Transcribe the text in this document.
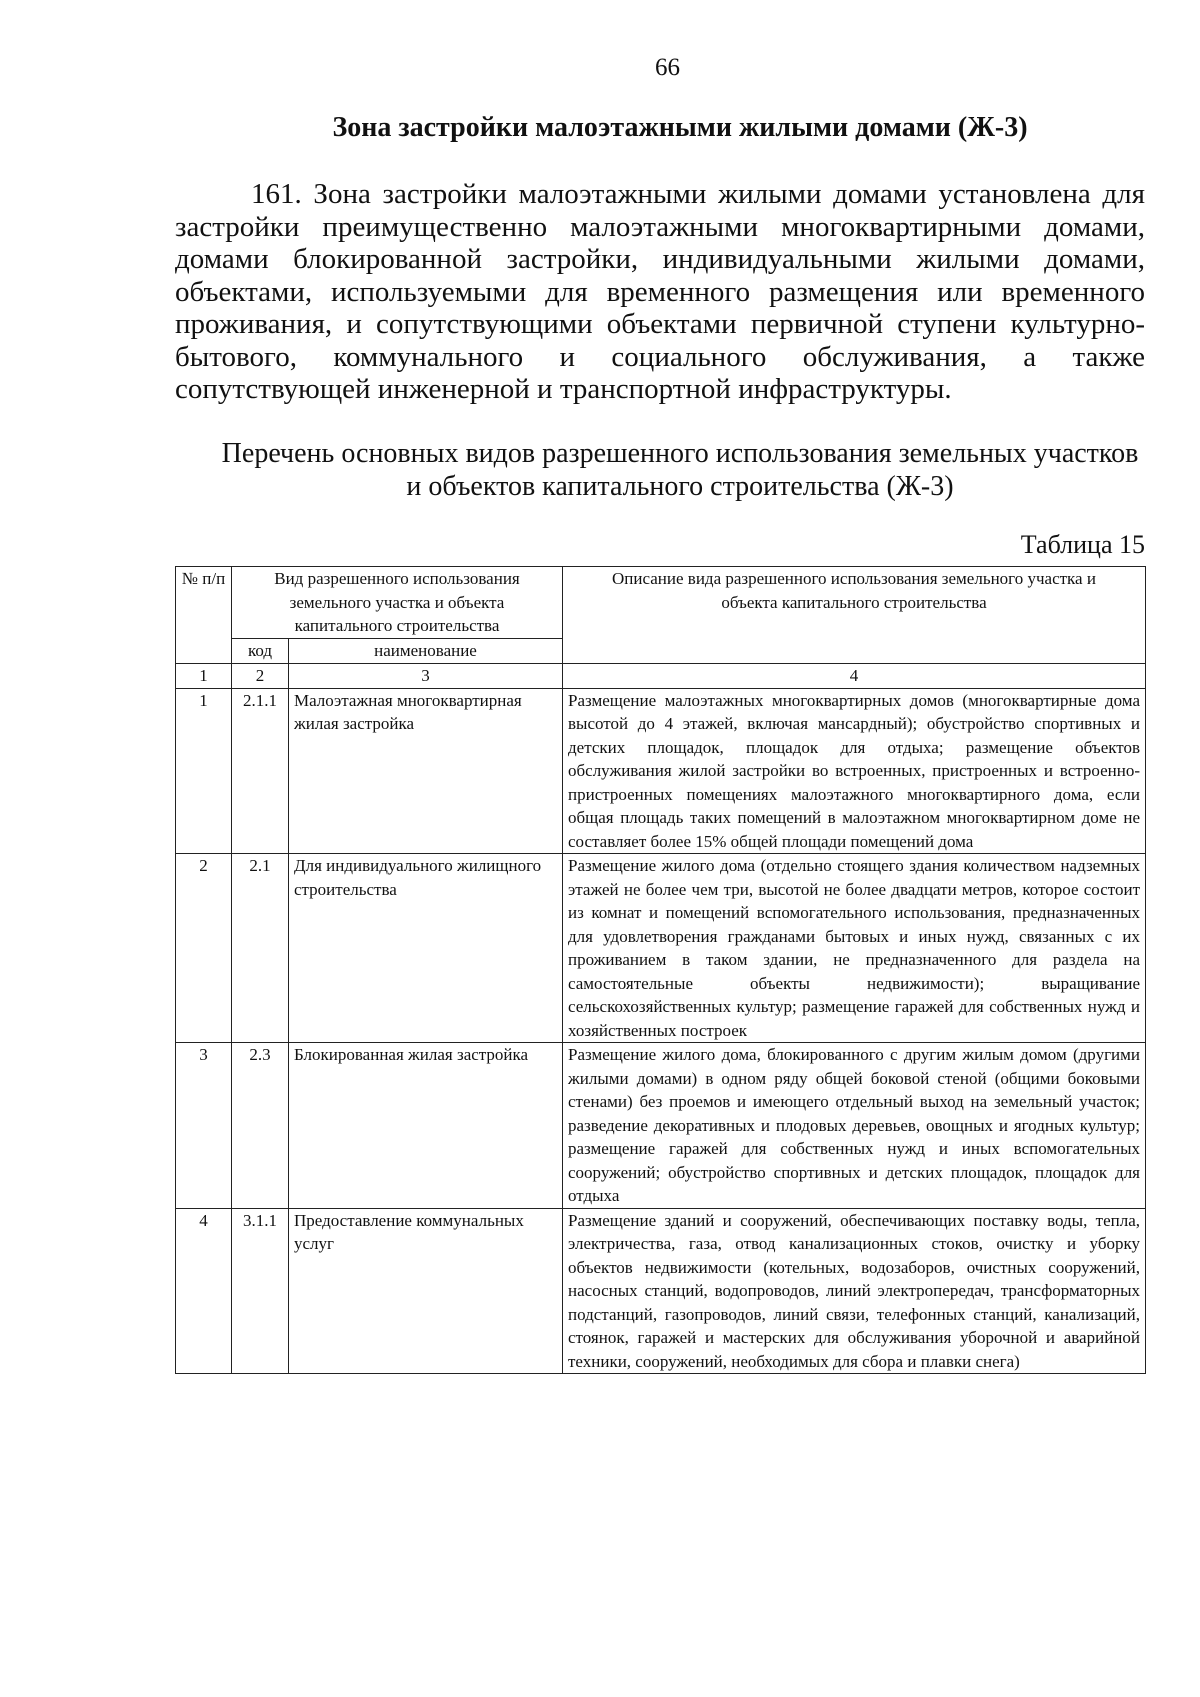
66
Зона застройки малоэтажными жилыми домами (Ж-3)

161. Зона застройки малоэтажными жилыми домами установлена для застройки преимущественно малоэтажными многоквартирными домами, домами блокированной застройки, индивидуальными жилыми домами, объектами, используемыми для временного размещения или временного проживания, и сопутствующими объектами первичной ступени культурно-бытового, коммунального и социального обслуживания, а также сопутствующей инженерной и транспортной инфраструктуры.

Перечень основных видов разрешенного использования земельных участков
и объектов капитального строительства (Ж-3)
Таблица 15
№ п/п	Вид разрешенного использования земельного участка и объекта капитального строительства		Описание вида разрешенного использования земельного участка и объекта капитального строительства
	код	наименование	
1	2	3	4
1	2.1.1	Малоэтажная многоквартирная жилая застройка	Размещение малоэтажных многоквартирных домов (многоквартирные дома высотой до 4 этажей, включая мансардный); обустройство спортивных и детских площадок, площадок для отдыха; размещение объектов обслуживания жилой застройки во встроенных, пристроенных и встроенно-пристроенных помещениях малоэтажного многоквартирного дома, если общая площадь таких помещений в малоэтажном многоквартирном доме не составляет более 15% общей площади помещений дома
2	2.1	Для индивидуального жилищного строительства	Размещение жилого дома (отдельно стоящего здания количеством надземных этажей не более чем три, высотой не более двадцати метров, которое состоит из комнат и помещений вспомогательного использования, предназначенных для удовлетворения гражданами бытовых и иных нужд, связанных с их проживанием в таком здании, не предназначенного для раздела на самостоятельные объекты недвижимости); выращивание сельскохозяйственных культур; размещение гаражей для собственных нужд и хозяйственных построек
3	2.3	Блокированная жилая застройка	Размещение жилого дома, блокированного с другим жилым домом (другими жилыми домами) в одном ряду общей боковой стеной (общими боковыми стенами) без проемов и имеющего отдельный выход на земельный участок; разведение декоративных и плодовых деревьев, овощных и ягодных культур; размещение гаражей для собственных нужд и иных вспомогательных сооружений; обустройство спортивных и детских площадок, площадок для отдыха
4	3.1.1	Предоставление коммунальных услуг	Размещение зданий и сооружений, обеспечивающих поставку воды, тепла, электричества, газа, отвод канализационных стоков, очистку и уборку объектов недвижимости (котельных, водозаборов, очистных сооружений, насосных станций, водопроводов, линий электропередач, трансформаторных подстанций, газопроводов, линий связи, телефонных станций, канализаций, стоянок, гаражей и мастерских для обслуживания уборочной и аварийной техники, сооружений, необходимых для сбора и плавки снега)
